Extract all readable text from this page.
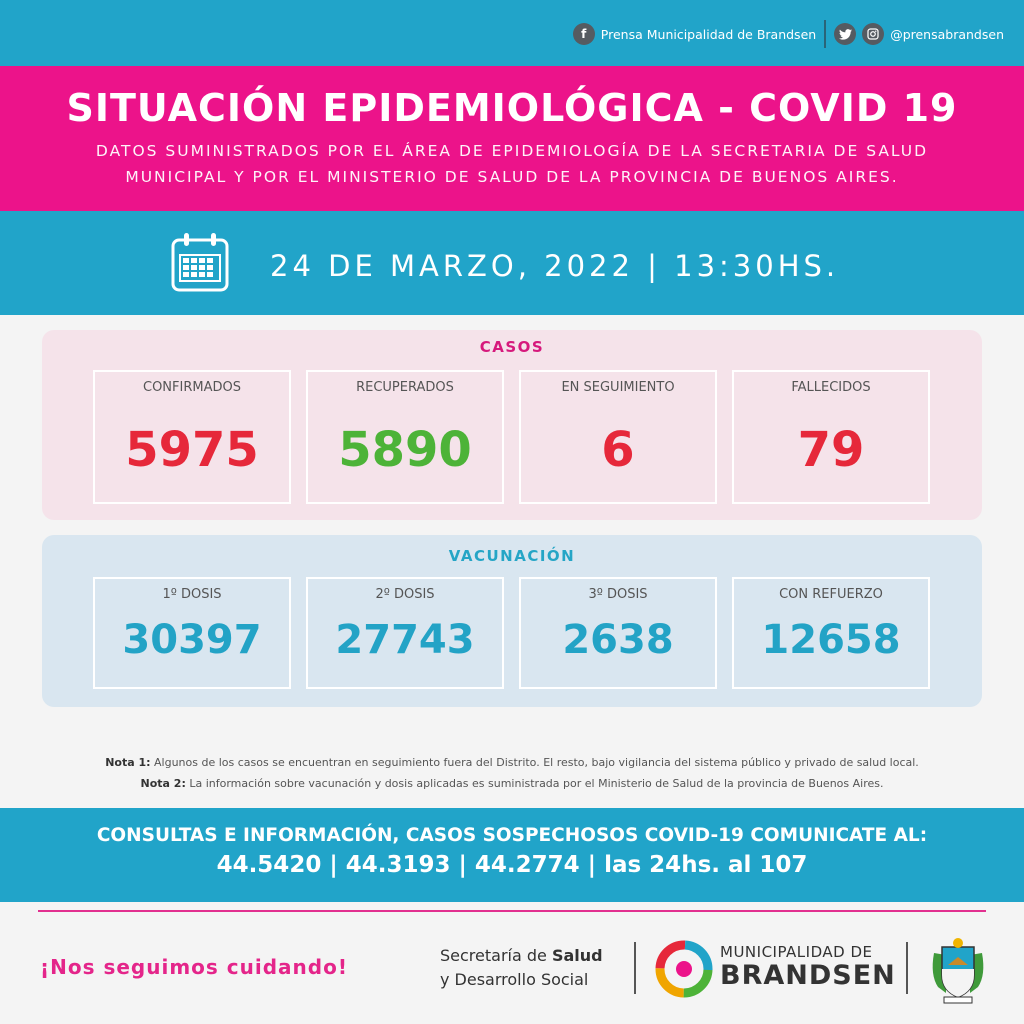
f	Prensa Municipalidad de Brandsen	@prensabrandsen
SITUACIÓN EPIDEMIOLÓGICA - COVID 19

DATOS SUMINISTRADOS POR EL ÁREA DE EPIDEMIOLOGÍA DE LA SECRETARIA DE SALUD

MUNICIPAL Y POR EL MINISTERIO DE SALUD DE LA PROVINCIA DE BUENOS AIRES.

24 DE MARZO, 2022 | 13:30HS.
CASOS
CONFIRMADOS
5975
RECUPERADOS
5890
EN SEGUIMIENTO
6
FALLECIDOS
79
VACUNACIÓN
1º DOSIS
30397
2º DOSIS
27743
3º DOSIS
2638
CON REFUERZO
12658
Nota 1: Algunos de los casos se encuentran en seguimiento fuera del Distrito. El resto, bajo vigilancia del sistema público y privado de salud local.
Nota 2: La información sobre vacunación y dosis aplicadas es suministrada por el Ministerio de Salud de la provincia de Buenos Aires.
CONSULTAS E INFORMACIÓN, CASOS SOSPECHOSOS COVID-19 COMUNICATE AL:
44.5420 | 44.3193 | 44.2774 | las 24hs. al 107
¡Nos seguimos cuidando!	Secretaría de Salud
y Desarrollo Social
MUNICIPALIDAD DE
BRANDSEN
